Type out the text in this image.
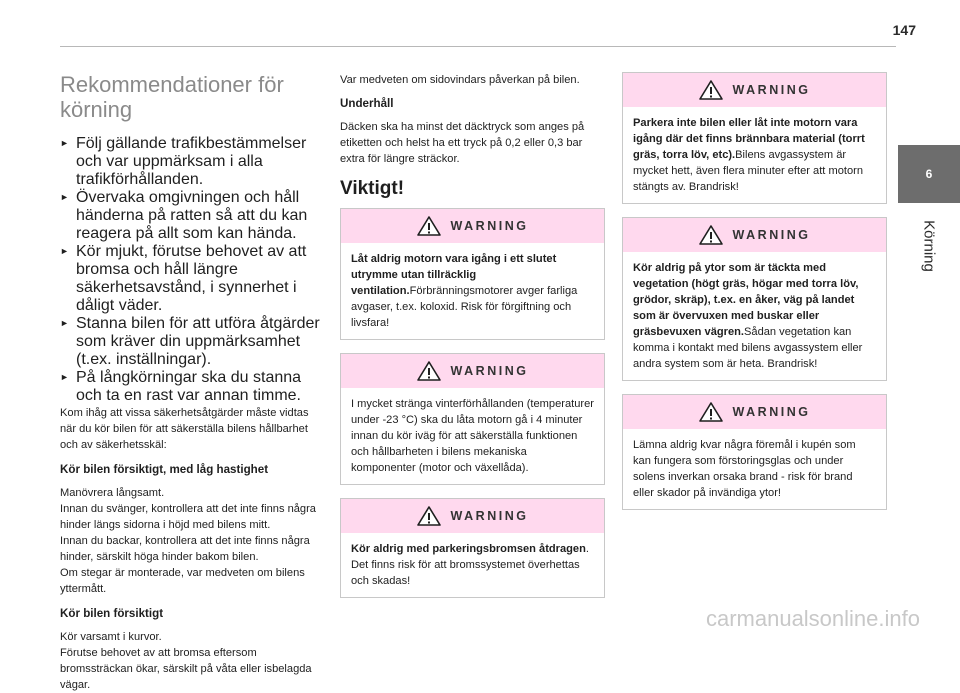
147
6
Körning
Rekommendationer för körning
► Följ gällande trafikbestämmelser och var uppmärksam i alla trafikförhållanden.
► Övervaka omgivningen och håll händerna på ratten så att du kan reagera på allt som kan hända.
► Kör mjukt, förutse behovet av att bromsa och håll längre säkerhetsavstånd, i synnerhet i dåligt väder.
► Stanna bilen för att utföra åtgärder som kräver din uppmärksamhet (t.ex. inställningar).
► På långkörningar ska du stanna och ta en rast var annan timme.

Kom ihåg att vissa säkerhetsåtgärder måste vidtas när du kör bilen för att säkerställa bilens hållbarhet och av säkerhetsskäl:

Kör bilen försiktigt, med låg hastighet

Manövrera långsamt.
Innan du svänger, kontrollera att det inte finns några hinder längs sidorna i höjd med bilens mitt.
Innan du backar, kontrollera att det inte finns några hinder, särskilt höga hinder bakom bilen.
Om stegar är monterade, var medveten om bilens yttermått.

Kör bilen försiktigt

Kör varsamt i kurvor.
Förutse behovet av att bromsa eftersom bromssträckan ökar, särskilt på våta eller isbelagda vägar.

Var medveten om sidovindars påverkan på bilen.

Underhåll

Däcken ska ha minst det däcktryck som anges på etiketten och helst ha ett tryck på 0,2 eller 0,3 bar extra för längre sträckor.

Viktigt!
WARNING
Låt aldrig motorn vara igång i ett slutet utrymme utan tillräcklig ventilation.Förbränningsmotorer avger farliga avgaser, t.ex. koloxid. Risk för förgiftning och livsfara!
WARNING
I mycket stränga vinterförhållanden (temperaturer under -23 °C) ska du låta motorn gå i 4 minuter innan du kör iväg för att säkerställa funktionen och hållbarheten i bilens mekaniska komponenter (motor och växellåda).
WARNING
Kör aldrig med parkeringsbromsen åtdragen. Det finns risk för att bromssystemet överhettas och skadas!
WARNING
Parkera inte bilen eller låt inte motorn vara igång där det finns brännbara material (torrt gräs, torra löv, etc).Bilens avgassystem är mycket hett, även flera minuter efter att motorn stängts av. Brandrisk!
WARNING
Kör aldrig på ytor som är täckta med vegetation (högt gräs, högar med torra löv, grödor, skräp), t.ex. en åker, väg på landet som är övervuxen med buskar eller gräsbevuxen vägren.Sådan vegetation kan komma i kontakt med bilens avgassystem eller andra system som är heta. Brandrisk!
WARNING
Lämna aldrig kvar några föremål i kupén som kan fungera som förstoringsglas och under solens inverkan orsaka brand - risk för brand eller skador på invändiga ytor!
carmanualsonline.info
